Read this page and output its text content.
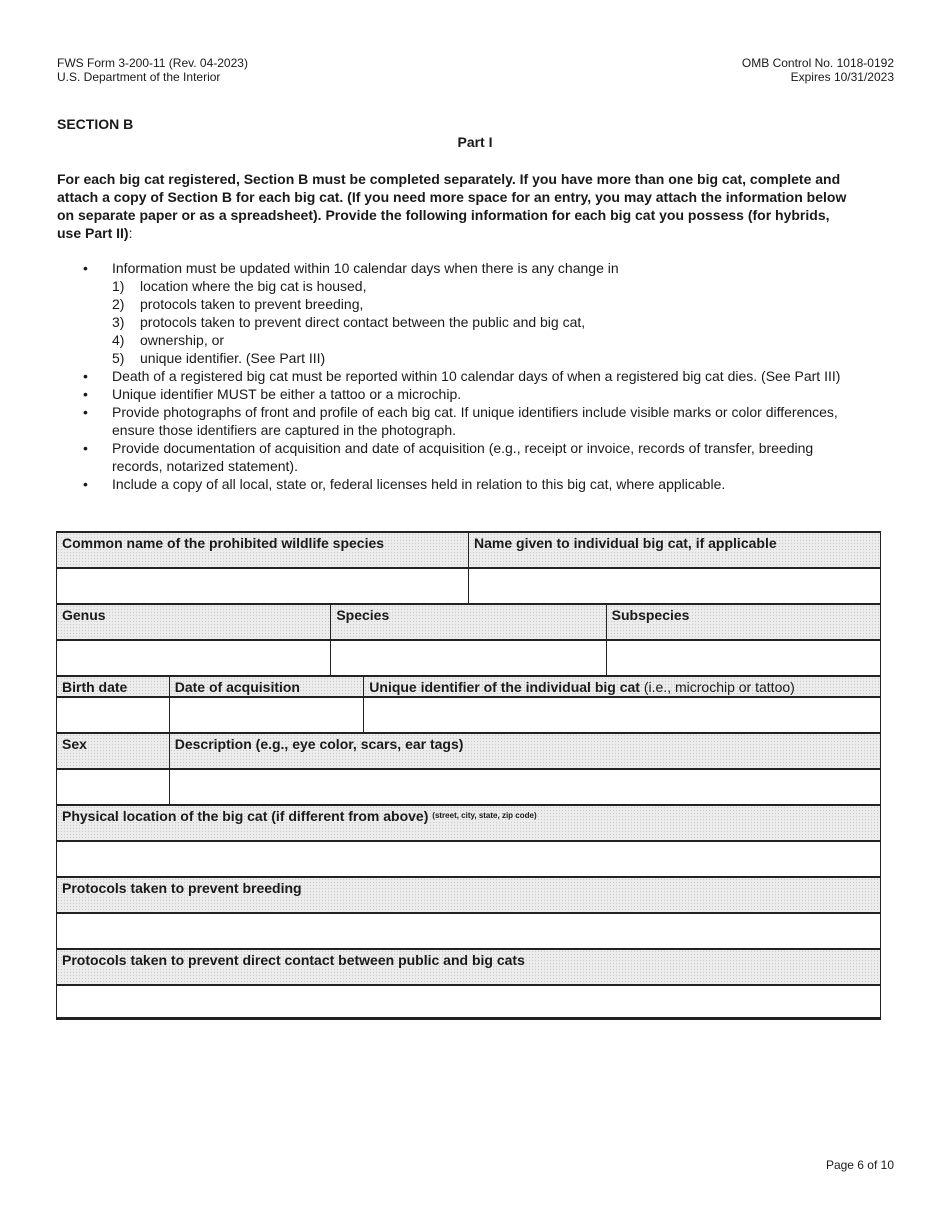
FWS Form 3-200-11 (Rev. 04-2023)
U.S. Department of the Interior
OMB Control No. 1018-0192
Expires 10/31/2023
SECTION B
Part I
For each big cat registered, Section B must be completed separately. If you have more than one big cat, complete and attach a copy of Section B for each big cat. (If you need more space for an entry, you may attach the information below on separate paper or as a spreadsheet). Provide the following information for each big cat you possess (for hybrids, use Part II):
• Information must be updated within 10 calendar days when there is any change in
1) location where the big cat is housed,
2) protocols taken to prevent breeding,
3) protocols taken to prevent direct contact between the public and big cat,
4) ownership, or
5) unique identifier. (See Part III)
• Death of a registered big cat must be reported within 10 calendar days of when a registered big cat dies. (See Part III)
• Unique identifier MUST be either a tattoo or a microchip.
• Provide photographs of front and profile of each big cat. If unique identifiers include visible marks or color differences, ensure those identifiers are captured in the photograph.
• Provide documentation of acquisition and date of acquisition (e.g., receipt or invoice, records of transfer, breeding records, notarized statement).
• Include a copy of all local, state or, federal licenses held in relation to this big cat, where applicable.
Common name of the prohibited wildlife species	Name given to individual big cat, if applicable
Genus	Species	Subspecies
Birth date	Date of acquisition	Unique identifier of the individual big cat (i.e., microchip or tattoo)
Sex	Description (e.g., eye color, scars, ear tags)
Physical location of the big cat (if different from above) $^{(street, city, state, zip code)}$
Protocols taken to prevent breeding
Protocols taken to prevent direct contact between public and big cats
Page 6 of 10
